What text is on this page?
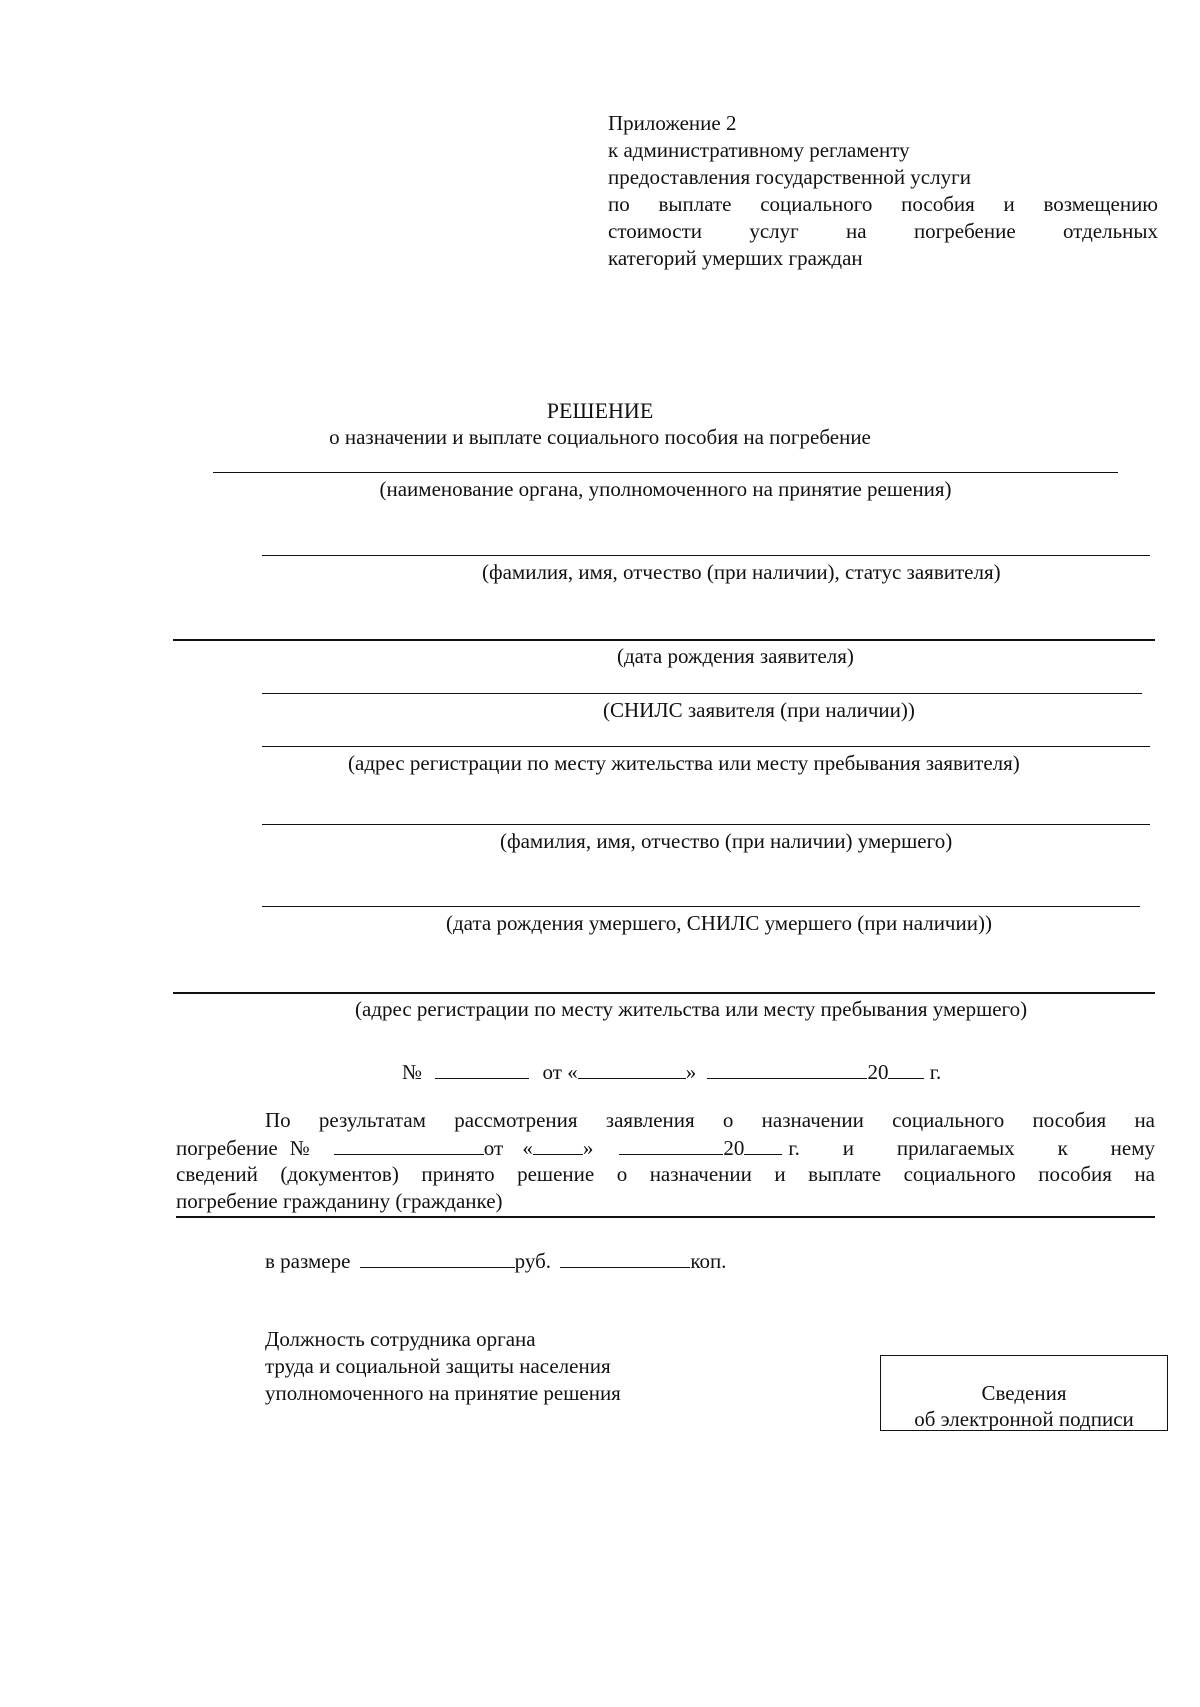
Приложение 2
к административному регламенту
предоставления государственной услуги
по выплате социального пособия и возмещению
стоимости услуг на погребение отдельных
категорий умерших граждан
РЕШЕНИЕ
о назначении и выплате социального пособия на погребение
(наименование органа, уполномоченного на принятие решения)
(фамилия, имя, отчество (при наличии), статус заявителя)
(дата рождения заявителя)
(СНИЛС заявителя (при наличии))
(адрес регистрации по месту жительства или месту пребывания заявителя)
(фамилия, имя, отчество (при наличии) умершего)
(дата рождения умершего, СНИЛС умершего (при наличии))
(адрес регистрации по месту жительства или месту пребывания умершего)
№	от «	»	20 г.
По результатам рассмотрения заявления о назначении социального пособия на
погребение №	от « »	20 г. и прилагаемых к нему
сведений (документов) принято решение о назначении и выплате социального пособия на
погребение гражданину (гражданке)
в размере	руб.	коп.
Должность сотрудника органа
труда и социальной защиты населения
уполномоченного на принятие решения	Сведения
об электронной подписи
